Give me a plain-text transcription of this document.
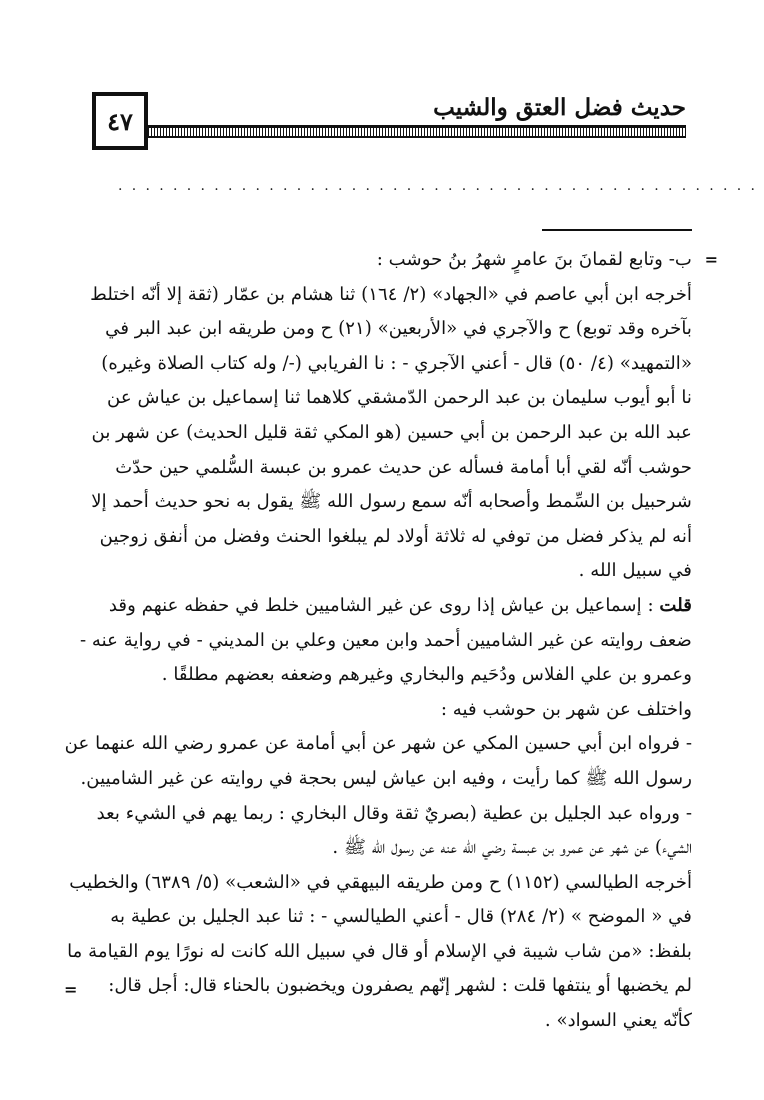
٤٧	حديث فضل العتق والشيب
...............................................
=
=
ب- وتابع لقمانَ بنَ عامرٍ شهرُ بنُ حوشب :
أخرجه ابن أبي عاصم في «الجهاد» (٢/ ١٦٤) ثنا هشام بن عمّار (ثقة إلا أنّه اختلط
بآخره وقد توبع) ح والآجري في «الأربعين» (٢١) ح ومن طريقه ابن عبد البر في
«التمهيد» (٤/ ٥٠) قال - أعني الآجري - : نا الفريابي (-/ وله كتاب الصلاة وغيره)
نا أبو أيوب سليمان بن عبد الرحمن الدّمشقي كلاهما ثنا إسماعيل بن عياش عن
عبد الله بن عبد الرحمن بن أبي حسين (هو المكي ثقة قليل الحديث) عن شهر بن
حوشب أنّه لقي أبا أمامة فسأله عن حديث عمرو بن عبسة السُّلمي حين حدّث
شرحبيل بن السِّمط وأصحابه أنّه سمع رسول الله ﷺ يقول به نحو حديث أحمد إلا
أنه لم يذكر فضل من توفي له ثلاثة أولاد لم يبلغوا الحنث وفضل من أنفق زوجين
في سبيل الله .
قلت : إسماعيل بن عياش إذا روى عن غير الشاميين خلط في حفظه عنهم وقد
ضعف روايته عن غير الشاميين أحمد وابن معين وعلي بن المديني - في رواية عنه -
وعمرو بن علي الفلاس ودُحَيم والبخاري وغيرهم وضعفه بعضهم مطلقًا .
واختلف عن شهر بن حوشب فيه :
- فرواه ابن أبي حسين المكي عن شهر عن أبي أمامة عن عمرو رضي الله عنهما عن
رسول الله ﷺ كما رأيت ، وفيه ابن عياش ليس بحجة في روايته عن غير الشاميين.
- ورواه عبد الجليل بن عطية (بصريٌ ثقة وقال البخاري : ربما يهم في الشيء بعد
الشيء) عن شهر عن عمرو بن عبسة رضي الله عنه عن رسول الله ﷺ .
أخرجه الطيالسي (١١٥٢) ح ومن طريقه البيهقي في «الشعب» (٥/ ٦٣٨٩) والخطيب
في « الموضح » (٢/ ٢٨٤) قال - أعني الطيالسي - : ثنا عبد الجليل بن عطية به
بلفظ: «من شاب شيبة في الإسلام أو قال في سبيل الله كانت له نورًا يوم القيامة ما
لم يخضبها أو ينتفها قلت : لشهر إنّهم يصفرون ويخضبون بالحناء قال: أجل قال:
كأنّه يعني السواد» .
